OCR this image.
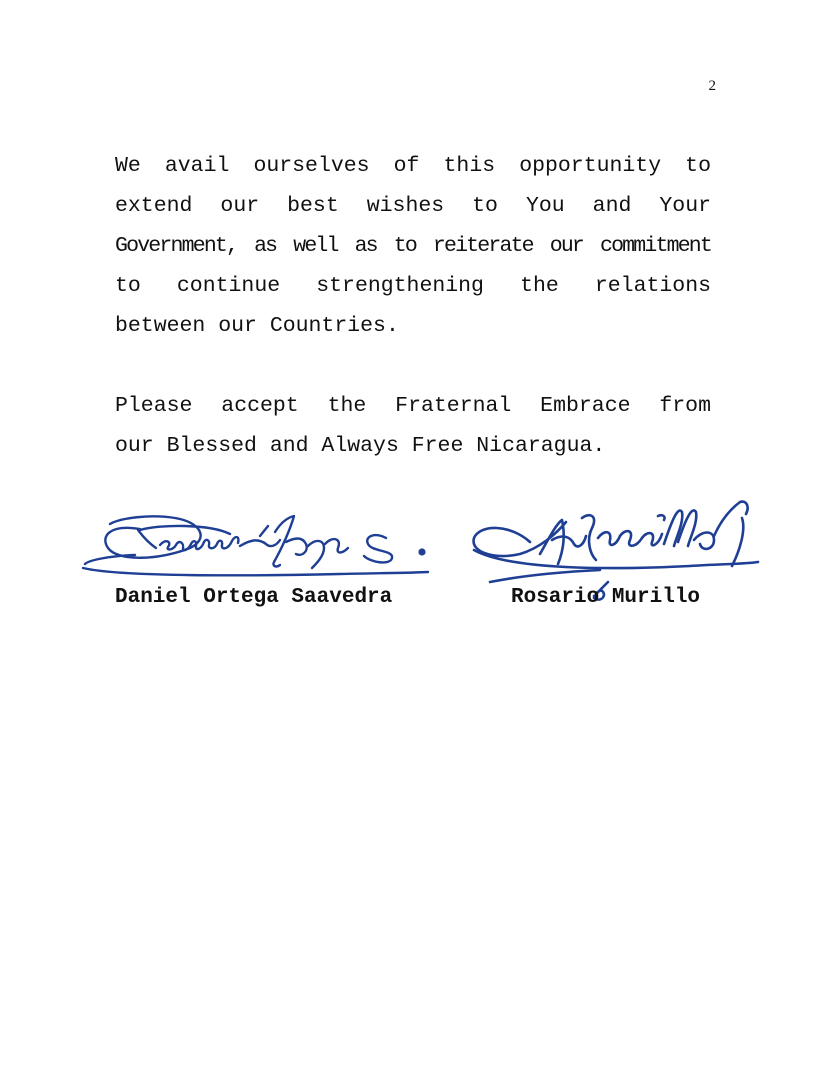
2
We avail ourselves of this opportunity to
extend our best wishes to You and Your
Government, as well as to reiterate our commitment
to continue strengthening the relations
between our Countries.
Please accept the Fraternal Embrace from
our Blessed and Always Free Nicaragua.
Daniel Ortega Saavedra	Rosario Murillo
